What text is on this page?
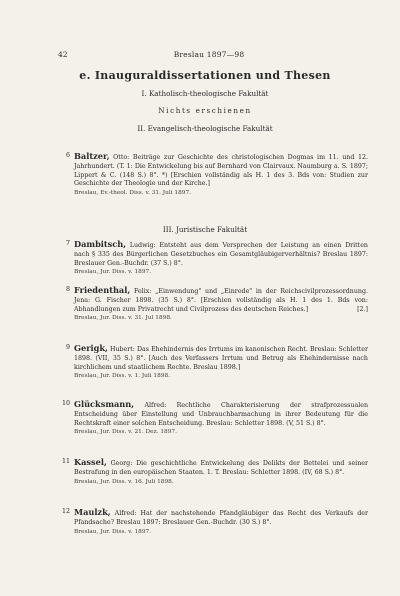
42	Breslau 1897—98
e. Inauguraldissertationen und Thesen
I. Katholisch-theologische Fakultät
Nichts erschienen
II. Evangelisch-theologische Fakultät
6 Baltzer, Otto: Beiträge zur Geschichte des christologischen Dogmas im 11. und 12. Jahrhundert. (T. 1: Die Entwickelung bis auf Bernhard von Clairvaux. Naumburg a. S. 1897; Lippert & C. (148 S.) 8°. *) [Erschien vollständig als H. 1 des 3. Bds von: Studien zur Geschichte der Theologie und der Kirche.]
Breslau, Ev.-theol. Diss. v. 31. Juli 1897.
III. Juristische Fakultät
7 Dambitsch, Ludwig: Entsteht aus dem Versprechen der Leistung an einen Dritten nach § 335 des Bürgerlichen Gesetzbuches ein Gesamtgläubigerverhältnis? Breslau 1897: Breslauer Gen.-Buchdr. (37 S.) 8°.
Breslau, Jur. Diss. v. 1897.
8 Friedenthal, Felix: „Einwendung" und „Einrede" in der Reichscivilprozessordnung. Jena: G. Fischer 1898. (35 S.) 8°. [Erschien vollständig als H. 1 des 1. Bds von: Abhandlungen zum Privatrecht und Civilprozess des deutschen Reiches.]	[2.]
Breslau, Jur. Diss. v. 31. Jul 1898.
9 Gerigk, Hubert: Das Ehehindernis des Irrtums im kanonischen Recht. Breslau: Schletter 1898. (VII, 35 S.) 8°. [Auch des Verfassers Irrtum und Betrug als Ehehindernisse nach kirchlichem und staatlichem Rechte. Breslau 1898.]
Breslau, Jur. Diss. v. 1. Juli 1898.
10 Glücksmann, Alfred: Rechtliche Charakterisierung der strafprozessualen Entscheidung über Einstellung und Unbrauchbarmachung in ihrer Bedeutung für die Rechtskraft einer solchen Entscheidung. Breslau: Schletter 1898. (V, 51 S.) 8°.
Breslau, Jur. Diss. v. 21. Dez. 1897.
11 Kassel, Georg: Die geschichtliche Entwickelung des Delikts der Bettelei und seiner Bestrafung in den europäischen Staaten. 1. T. Breslau: Schletter 1898. (IV, 68 S.) 8°.
Breslau, Jur. Diss. v. 16. Juli 1898.
12 Maulzk, Alfred: Hat der nachstehende Pfandgläubiger das Recht des Verkaufs der Pfandsache? Breslau 1897: Breslauer Gen.-Buchdr. (30 S.) 8°.
Breslau, Jur. Diss. v. 1897.
